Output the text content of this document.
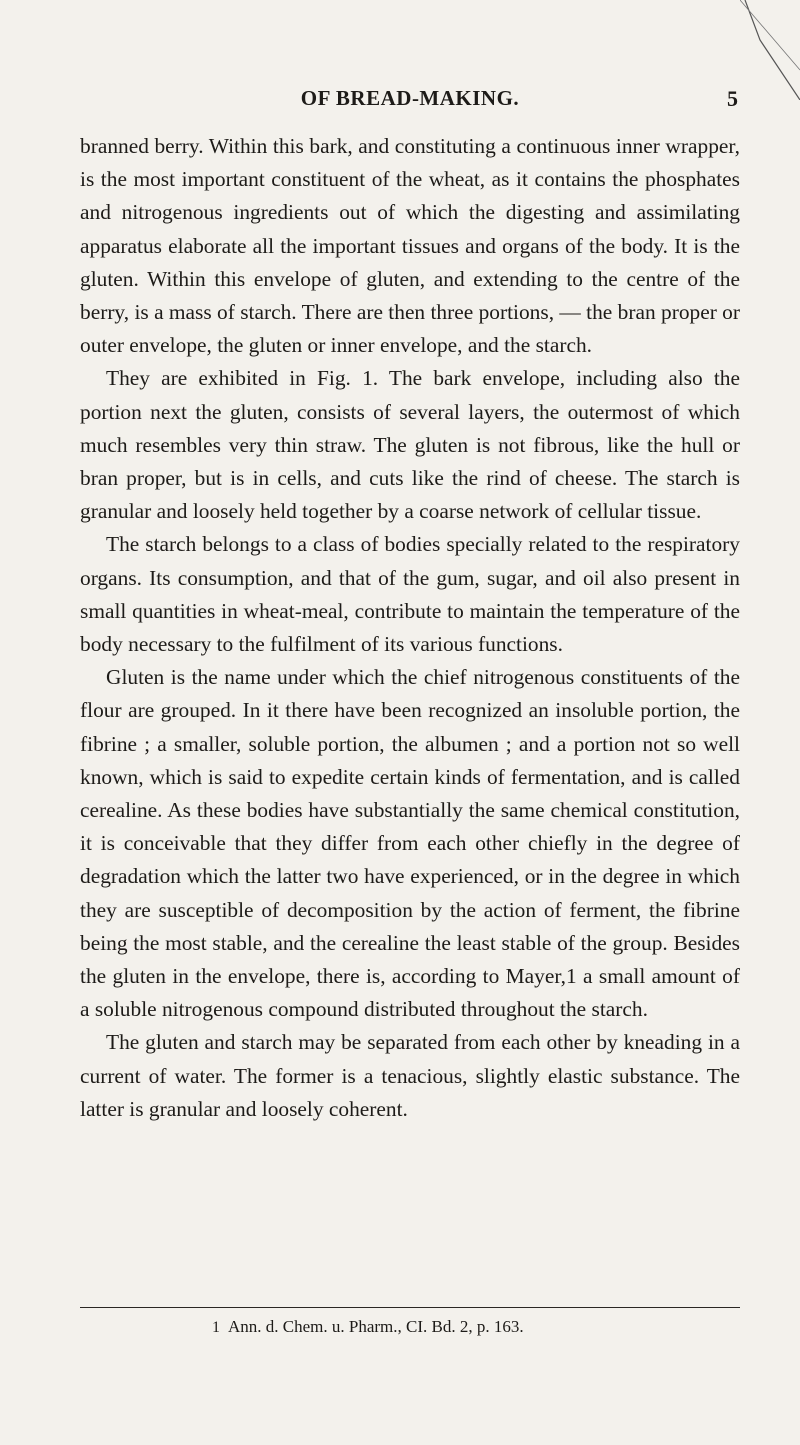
OF BREAD-MAKING.	5

branned berry. Within this bark, and constituting a continuous inner wrapper, is the most important constituent of the wheat, as it contains the phosphates and nitrogenous ingredients out of which the digesting and assimilating apparatus elaborate all the important tissues and organs of the body. It is the gluten. Within this envelope of gluten, and extending to the centre of the berry, is a mass of starch. There are then three portions, — the bran proper or outer envelope, the gluten or inner envelope, and the starch.

They are exhibited in Fig. 1. The bark envelope, including also the portion next the gluten, consists of several layers, the outermost of which much resembles very thin straw. The gluten is not fibrous, like the hull or bran proper, but is in cells, and cuts like the rind of cheese. The starch is granular and loosely held together by a coarse network of cellular tissue.

The starch belongs to a class of bodies specially related to the respiratory organs. Its consumption, and that of the gum, sugar, and oil also present in small quantities in wheat-meal, contribute to maintain the temperature of the body necessary to the fulfilment of its various functions.

Gluten is the name under which the chief nitrogenous constituents of the flour are grouped. In it there have been recognized an insoluble portion, the fibrine ; a smaller, soluble portion, the albumen ; and a portion not so well known, which is said to expedite certain kinds of fermentation, and is called cerealine. As these bodies have substantially the same chemical constitution, it is conceivable that they differ from each other chiefly in the degree of degradation which the latter two have experienced, or in the degree in which they are susceptible of decomposition by the action of ferment, the fibrine being the most stable, and the cerealine the least stable of the group. Besides the gluten in the envelope, there is, according to Mayer,1 a small amount of a soluble nitrogenous compound distributed throughout the starch.

The gluten and starch may be separated from each other by kneading in a current of water. The former is a tenacious, slightly elastic substance. The latter is granular and loosely coherent.

1 Ann. d. Chem. u. Pharm., CI. Bd. 2, p. 163.
